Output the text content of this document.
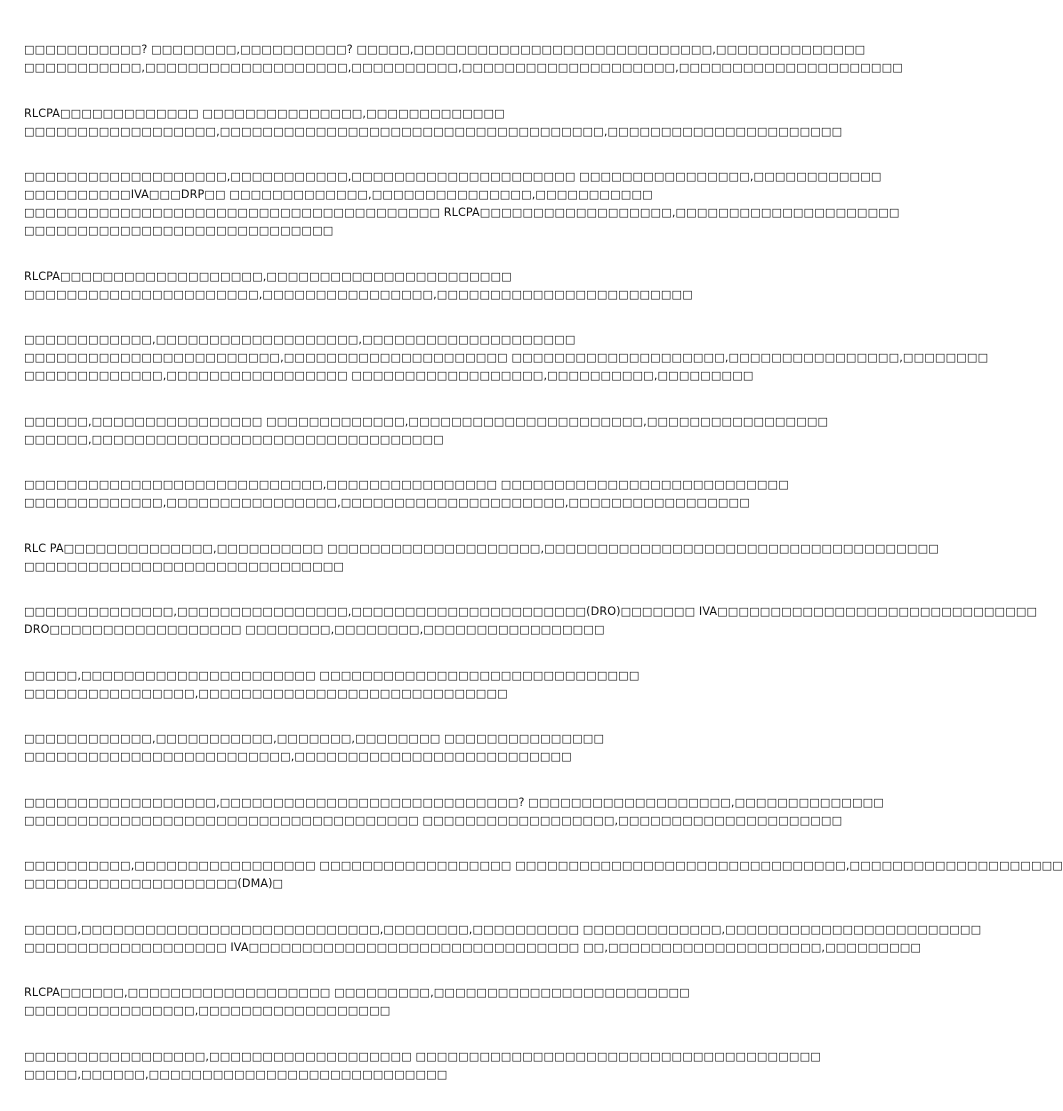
□□□□□□□□□□□? □□□□□□□□,□□□□□□□□□□? □□□□□,□□□□□□□□□□□□□□□□□□□□□□□□□□□□,□□□□□□□□□□□□□□
□□□□□□□□□□□,□□□□□□□□□□□□□□□□□□□,□□□□□□□□□□,□□□□□□□□□□□□□□□□□□□□,□□□□□□□□□□□□□□□□□□□□□
RLCPA□□□□□□□□□□□□□ □□□□□□□□□□□□□□□,□□□□□□□□□□□□□
□□□□□□□□□□□□□□□□□□,□□□□□□□□□□□□□□□□□□□□□□□□□□□□□□□□□□□□,□□□□□□□□□□□□□□□□□□□□□□
□□□□□□□□□□□□□□□□□□□,□□□□□□□□□□□,□□□□□□□□□□□□□□□□□□□□□ □□□□□□□□□□□□□□□□,□□□□□□□□□□□□
□□□□□□□□□□IVA□□□DRP□□ □□□□□□□□□□□□□,□□□□□□□□□□□□□□□,□□□□□□□□□□□
□□□□□□□□□□□□□□□□□□□□□□□□□□□□□□□□□□□□□□□ RLCPA□□□□□□□□□□□□□□□□□□,□□□□□□□□□□□□□□□□□□□□□
□□□□□□□□□□□□□□□□□□□□□□□□□□□□□
RLCPA□□□□□□□□□□□□□□□□□□□,□□□□□□□□□□□□□□□□□□□□□□□
□□□□□□□□□□□□□□□□□□□□□□,□□□□□□□□□□□□□□□□,□□□□□□□□□□□□□□□□□□□□□□□□
□□□□□□□□□□□□,□□□□□□□□□□□□□□□□□□□,□□□□□□□□□□□□□□□□□□□□
□□□□□□□□□□□□□□□□□□□□□□□□,□□□□□□□□□□□□□□□□□□□□□ □□□□□□□□□□□□□□□□□□□□,□□□□□□□□□□□□□□□□,□□□□□□□□
□□□□□□□□□□□□□,□□□□□□□□□□□□□□□□□ □□□□□□□□□□□□□□□□□□,□□□□□□□□□□,□□□□□□□□□
□□□□□□,□□□□□□□□□□□□□□□□ □□□□□□□□□□□□□,□□□□□□□□□□□□□□□□□□□□□□,□□□□□□□□□□□□□□□□□
□□□□□□,□□□□□□□□□□□□□□□□□□□□□□□□□□□□□□□□□
□□□□□□□□□□□□□□□□□□□□□□□□□□□□,□□□□□□□□□□□□□□□□ □□□□□□□□□□□□□□□□□□□□□□□□□□□
□□□□□□□□□□□□□,□□□□□□□□□□□□□□□□,□□□□□□□□□□□□□□□□□□□□□,□□□□□□□□□□□□□□□□□
RLC PA□□□□□□□□□□□□□□,□□□□□□□□□□ □□□□□□□□□□□□□□□□□□□□,□□□□□□□□□□□□□□□□□□□□□□□□□□□□□□□□□□□□□
□□□□□□□□□□□□□□□□□□□□□□□□□□□□□□
□□□□□□□□□□□□□□,□□□□□□□□□□□□□□□□,□□□□□□□□□□□□□□□□□□□□□□(DRO)□□□□□□□ IVA□□□□□□□□□□□□□□□□□□□□□□□□□□□□□□
DRO□□□□□□□□□□□□□□□□□□ □□□□□□□□,□□□□□□□□,□□□□□□□□□□□□□□□□□
□□□□□,□□□□□□□□□□□□□□□□□□□□□□ □□□□□□□□□□□□□□□□□□□□□□□□□□□□□□
□□□□□□□□□□□□□□□□,□□□□□□□□□□□□□□□□□□□□□□□□□□□□□
□□□□□□□□□□□□,□□□□□□□□□□□,□□□□□□□,□□□□□□□□ □□□□□□□□□□□□□□□
□□□□□□□□□□□□□□□□□□□□□□□□□,□□□□□□□□□□□□□□□□□□□□□□□□□□
□□□□□□□□□□□□□□□□□□,□□□□□□□□□□□□□□□□□□□□□□□□□□□□? □□□□□□□□□□□□□□□□□□□,□□□□□□□□□□□□□□
□□□□□□□□□□□□□□□□□□□□□□□□□□□□□□□□□□□□□ □□□□□□□□□□□□□□□□□□,□□□□□□□□□□□□□□□□□□□□□
□□□□□□□□□□,□□□□□□□□□□□□□□□□□ □□□□□□□□□□□□□□□□□□ □□□□□□□□□□□□□□□□□□□□□□□□□□□□□□□,□□□□□□□□□□□□□□□□□□□□
□□□□□□□□□□□□□□□□□□□□(DMA)□
□□□□□,□□□□□□□□□□□□□□□□□□□□□□□□□□□□,□□□□□□□□,□□□□□□□□□□ □□□□□□□□□□□□□,□□□□□□□□□□□□□□□□□□□□□□□□
□□□□□□□□□□□□□□□□□□□ IVA□□□□□□□□□□□□□□□□□□□□□□□□□□□□□□□ □□,□□□□□□□□□□□□□□□□□□□□,□□□□□□□□□
RLCPA□□□□□□,□□□□□□□□□□□□□□□□□□□ □□□□□□□□□,□□□□□□□□□□□□□□□□□□□□□□□□
□□□□□□□□□□□□□□□□,□□□□□□□□□□□□□□□□□□
□□□□□□□□□□□□□□□□□,□□□□□□□□□□□□□□□□□□□ □□□□□□□□□□□□□□□□□□□□□□□□□□□□□□□□□□□□□□
□□□□□,□□□□□□,□□□□□□□□□□□□□□□□□□□□□□□□□□□□
